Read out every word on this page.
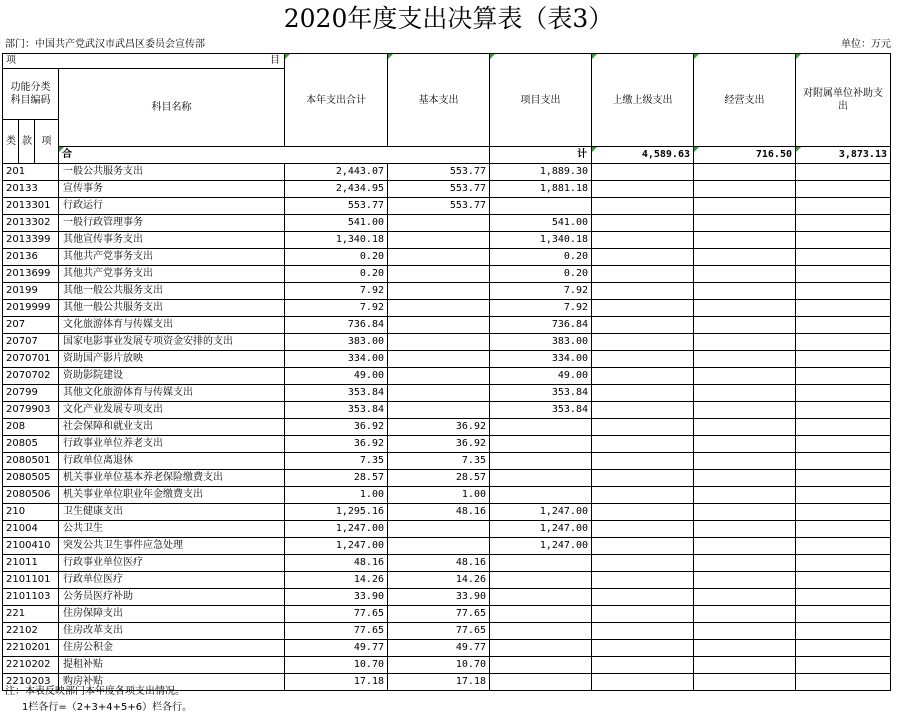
2020年度支出决算表（表3）
部门：中国共产党武汉市武昌区委员会宣传部	单位：万元
项 目				本年支出合计	基本支出	项目支出	上缴上级支出	经营支出	对附属单位补助支出	
功能分类科目编码			科目名称							
类	款	项							
			合			计	4,589.63	716.50	3,873.13			
201			一般公共服务支出	2,443.07	553.77	1,889.30				
20133			宣传事务	2,434.95	553.77	1,881.18				
2013301			行政运行	553.77	553.77					
2013302			一般行政管理事务	541.00		541.00				
2013399			其他宣传事务支出	1,340.18		1,340.18				
20136			其他共产党事务支出	0.20		0.20				
2013699			其他共产党事务支出	0.20		0.20				
20199			其他一般公共服务支出	7.92		7.92				
2019999			其他一般公共服务支出	7.92		7.92				
207			文化旅游体育与传媒支出	736.84		736.84				
20707			国家电影事业发展专项资金安排的支出	383.00		383.00				
2070701			资助国产影片放映	334.00		334.00				
2070702			资助影院建设	49.00		49.00				
20799			其他文化旅游体育与传媒支出	353.84		353.84				
2079903			文化产业发展专项支出	353.84		353.84				
208			社会保障和就业支出	36.92	36.92					
20805			行政事业单位养老支出	36.92	36.92					
2080501			行政单位离退休	7.35	7.35					
2080505			机关事业单位基本养老保险缴费支出	28.57	28.57					
2080506			机关事业单位职业年金缴费支出	1.00	1.00					
210			卫生健康支出	1,295.16	48.16	1,247.00				
21004			公共卫生	1,247.00		1,247.00				
2100410			突发公共卫生事件应急处理	1,247.00		1,247.00				
21011			行政事业单位医疗	48.16	48.16					
2101101			行政单位医疗	14.26	14.26					
2101103			公务员医疗补助	33.90	33.90					
221			住房保障支出	77.65	77.65					
22102			住房改革支出	77.65	77.65					
2210201			住房公积金	49.77	49.77					
2210202			提租补贴	10.70	10.70					
2210203			购房补贴	17.18	17.18					
注：本表反映部门本年度各项支出情况。
1栏各行=（2+3+4+5+6）栏各行。
